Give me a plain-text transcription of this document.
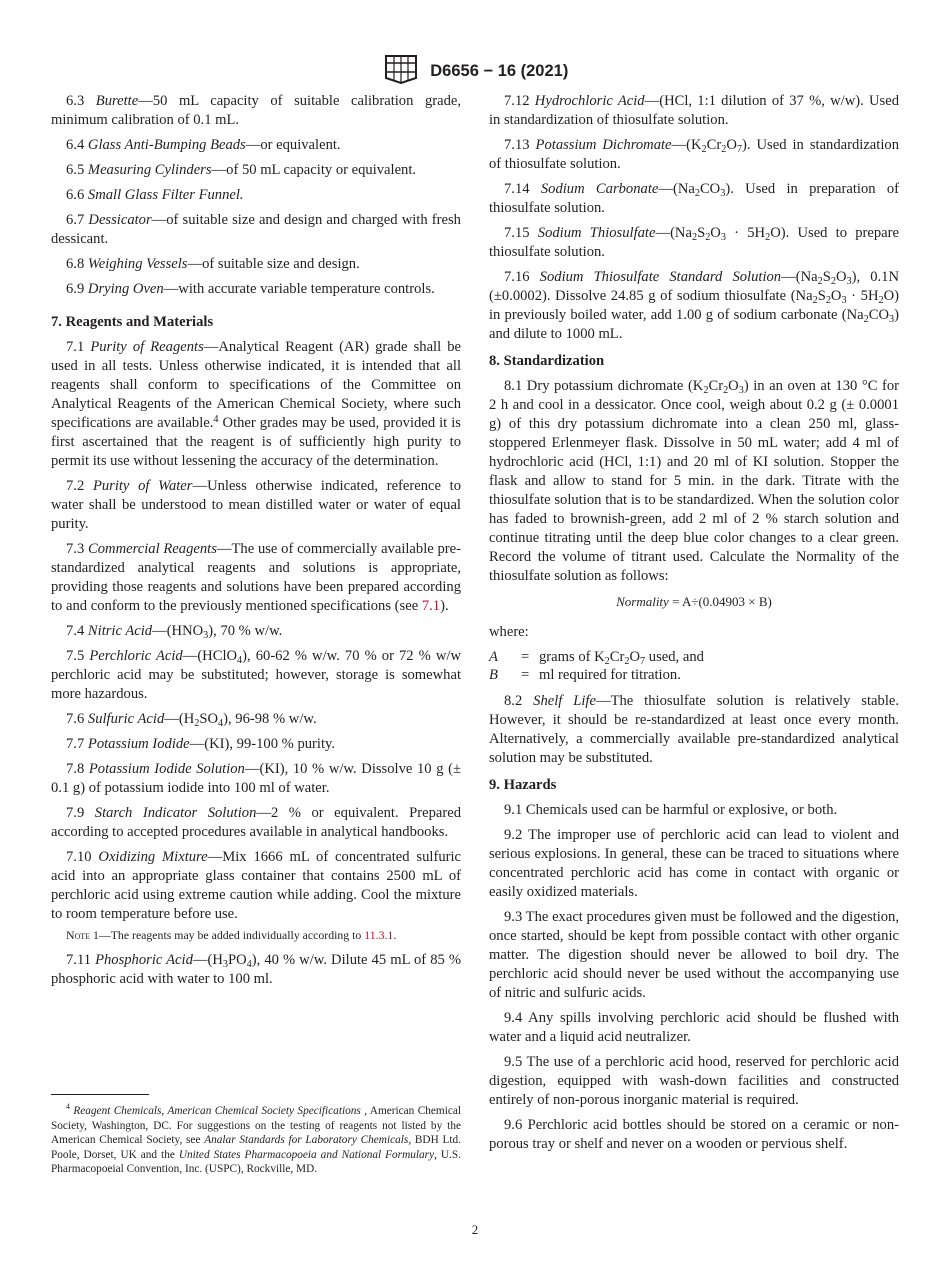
D6656 − 16 (2021)

6.3 Burette—50 mL capacity of suitable calibration grade, minimum calibration of 0.1 mL.

6.4 Glass Anti-Bumping Beads—or equivalent.

6.5 Measuring Cylinders—of 50 mL capacity or equivalent.

6.6 Small Glass Filter Funnel.

6.7 Dessicator—of suitable size and design and charged with fresh dessicant.

6.8 Weighing Vessels—of suitable size and design.

6.9 Drying Oven—with accurate variable temperature controls.

7. Reagents and Materials

7.1 Purity of Reagents—Analytical Reagent (AR) grade shall be used in all tests. Unless otherwise indicated, it is intended that all reagents shall conform to specifications of the Committee on Analytical Reagents of the American Chemical Society, where such specifications are available.$^4$ Other grades may be used, provided it is first ascertained that the reagent is of sufficiently high purity to permit its use without lessening the accuracy of the determination.

7.2 Purity of Water—Unless otherwise indicated, reference to water shall be understood to mean distilled water or water of equal purity.

7.3 Commercial Reagents—The use of commercially available pre-standardized analytical reagents and solutions is appropriate, providing those reagents and solutions have been prepared according to and conform to the previously mentioned specifications (see 7.1).

7.4 Nitric $Acid—(HNO_3)$, 70 % w/w.

7.5 Perchloric Acid—(HClO$_4$), 60-62 % w/w. 70 % or 72 % w/w perchloric acid may be substituted; however, storage is somewhat more hazardous.

7.6 Sulfuric $Acid—(H_2SO_4)$, 96-98 % w/w.

7.7 Potassium Iodide—(KI), 99-100 % purity.

7.8 Potassium Iodide Solution—(KI), 10 % w/w. Dissolve 10 g (± 0.1 g) of potassium iodide into 100 ml of water.

7.9 Starch Indicator Solution—2 % or equivalent. Prepared according to accepted procedures available in analytical handbooks.

7.10 Oxidizing Mixture—Mix 1666 mL of concentrated sulfuric acid into an appropriate glass container that contains 2500 mL of perchloric acid using extreme caution while adding. Cool the mixture to room temperature before use.

Note 1—The reagents may be added individually according to 11.3.1.

7.11 Phosphoric $Acid—(H_3PO_4)$, 40 % w/w. Dilute 45 mL of 85 % phosphoric acid with water to 100 ml.

$^4$ Reagent Chemicals, American Chemical Society Specifications , American Chemical Society, Washington, DC. For suggestions on the testing of reagents not listed by the American Chemical Society, see Analar Standards for Laboratory Chemicals, BDH Ltd. Poole, Dorset, UK and the United States Pharmacopoeia and National Formulary, U.S. Pharmacopoeial Convention, Inc. (USPC), Rockville, MD.

7.12 Hydrochloric Acid—(HCl, 1:1 dilution of 37 %, w/w). Used in standardization of thiosulfate solution.

7.13 Potassium $Dichromate—(K_2Cr_2O_7)$. Used in standardization of thiosulfate solution.

7.14 Sodium $Carbonate—(Na_2CO_3)$. Used in preparation of thiosulfate solution.

7.15 Sodium $Thiosulfate—(Na_2S_2O_3 \cdot 5H_2O)$. Used to prepare thiosulfate solution.

7.16 Sodium Thiosulfate Standard $Solution—(Na_2S_2O_3)$, 0.1N (±0.0002). Dissolve 24.85 g of sodium thiosulfate $(Na_2S_2O_3 \cdot 5H_2O)$ in previously boiled water, add 1.00 g of sodium carbonate $(Na_2CO_3)$ and dilute to 1000 mL.

8. Standardization

8.1 Dry potassium dichromate $(K_2Cr_2O_3)$ in an oven at 130 °C for 2 h and cool in a dessicator. Once cool, weigh about 0.2 g (± 0.0001 g) of this dry potassium dichromate into a clean 250 ml, glass-stoppered Erlenmeyer flask. Dissolve in 50 mL water; add 4 ml of hydrochloric acid (HCl, 1:1) and 20 ml of KI solution. Stopper the flask and allow to stand for 5 min. in the dark. Titrate with the thiosulfate solution that is to be standardized. When the solution color has faded to brownish-green, add 2 ml of 2 % starch solution and continue titrating until the deep blue color changes to a clear green. Record the volume of titrant used. Calculate the Normality of the thiosulfate solution as follows:

Normality = A÷(0.04903 × B)

where:

A	= grams of $K_2Cr_2O_7$ used, and
B	= ml required for titration.

8.2 Shelf Life—The thiosulfate solution is relatively stable. However, it should be re-standardized at least once every month. Alternatively, a commercially available pre-standardized analytical solution may be substituted.

9. Hazards

9.1 Chemicals used can be harmful or explosive, or both.

9.2 The improper use of perchloric acid can lead to violent and serious explosions. In general, these can be traced to situations where concentrated perchloric acid has come in contact with organic or easily oxidized materials.

9.3 The exact procedures given must be followed and the digestion, once started, should be kept from possible contact with other organic matter. The digestion should never be allowed to boil dry. The perchloric acid should never be used without the accompanying use of nitric and sulfuric acids.

9.4 Any spills involving perchloric acid should be flushed with water and a liquid acid neutralizer.

9.5 The use of a perchloric acid hood, reserved for perchloric acid digestion, equipped with wash-down facilities and constructed entirely of non-porous inorganic material is required.

9.6 Perchloric acid bottles should be stored on a ceramic or non-porous tray or shelf and never on a wooden or pervious shelf.

2
